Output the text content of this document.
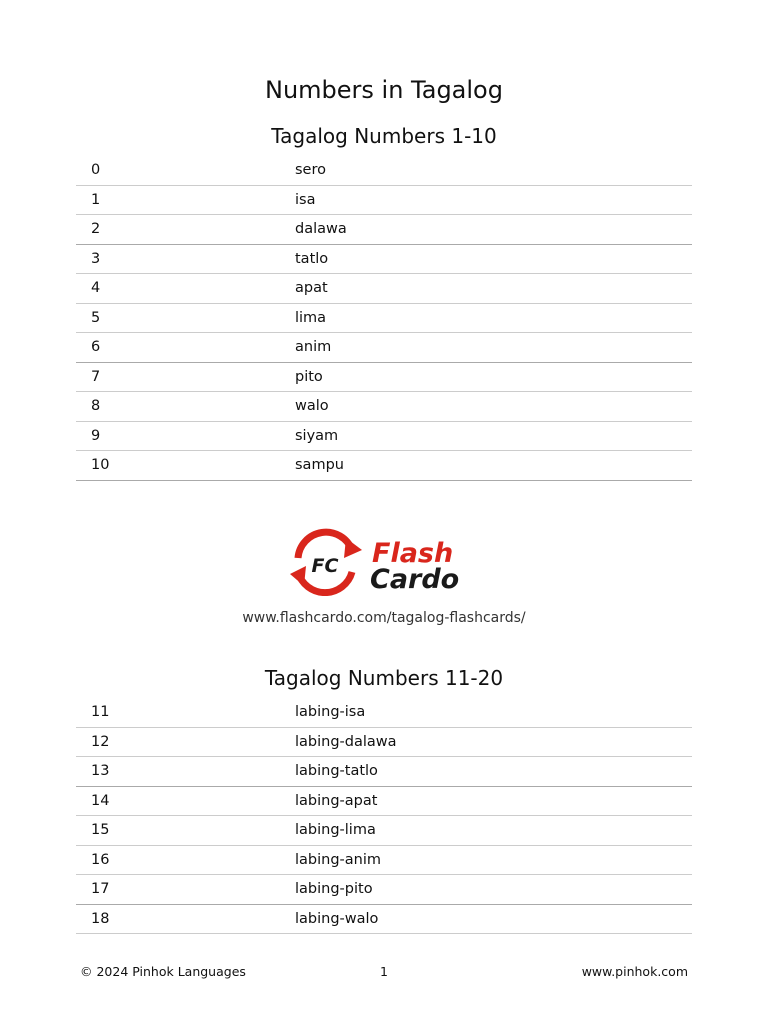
Numbers in Tagalog
Tagalog Numbers 1-10
0	sero
1	isa
2	dalawa
3	tatlo
4	apat
5	lima
6	anim
7	pito
8	walo
9	siyam
10	sampu
FC Flash
Cardo
www.flashcardo.com/tagalog-flashcards/
Tagalog Numbers 11-20
11	labing-isa
12	labing-dalawa
13	labing-tatlo
14	labing-apat
15	labing-lima
16	labing-anim
17	labing-pito
18	labing-walo
© 2024 Pinhok Languages	1	www.pinhok.com
